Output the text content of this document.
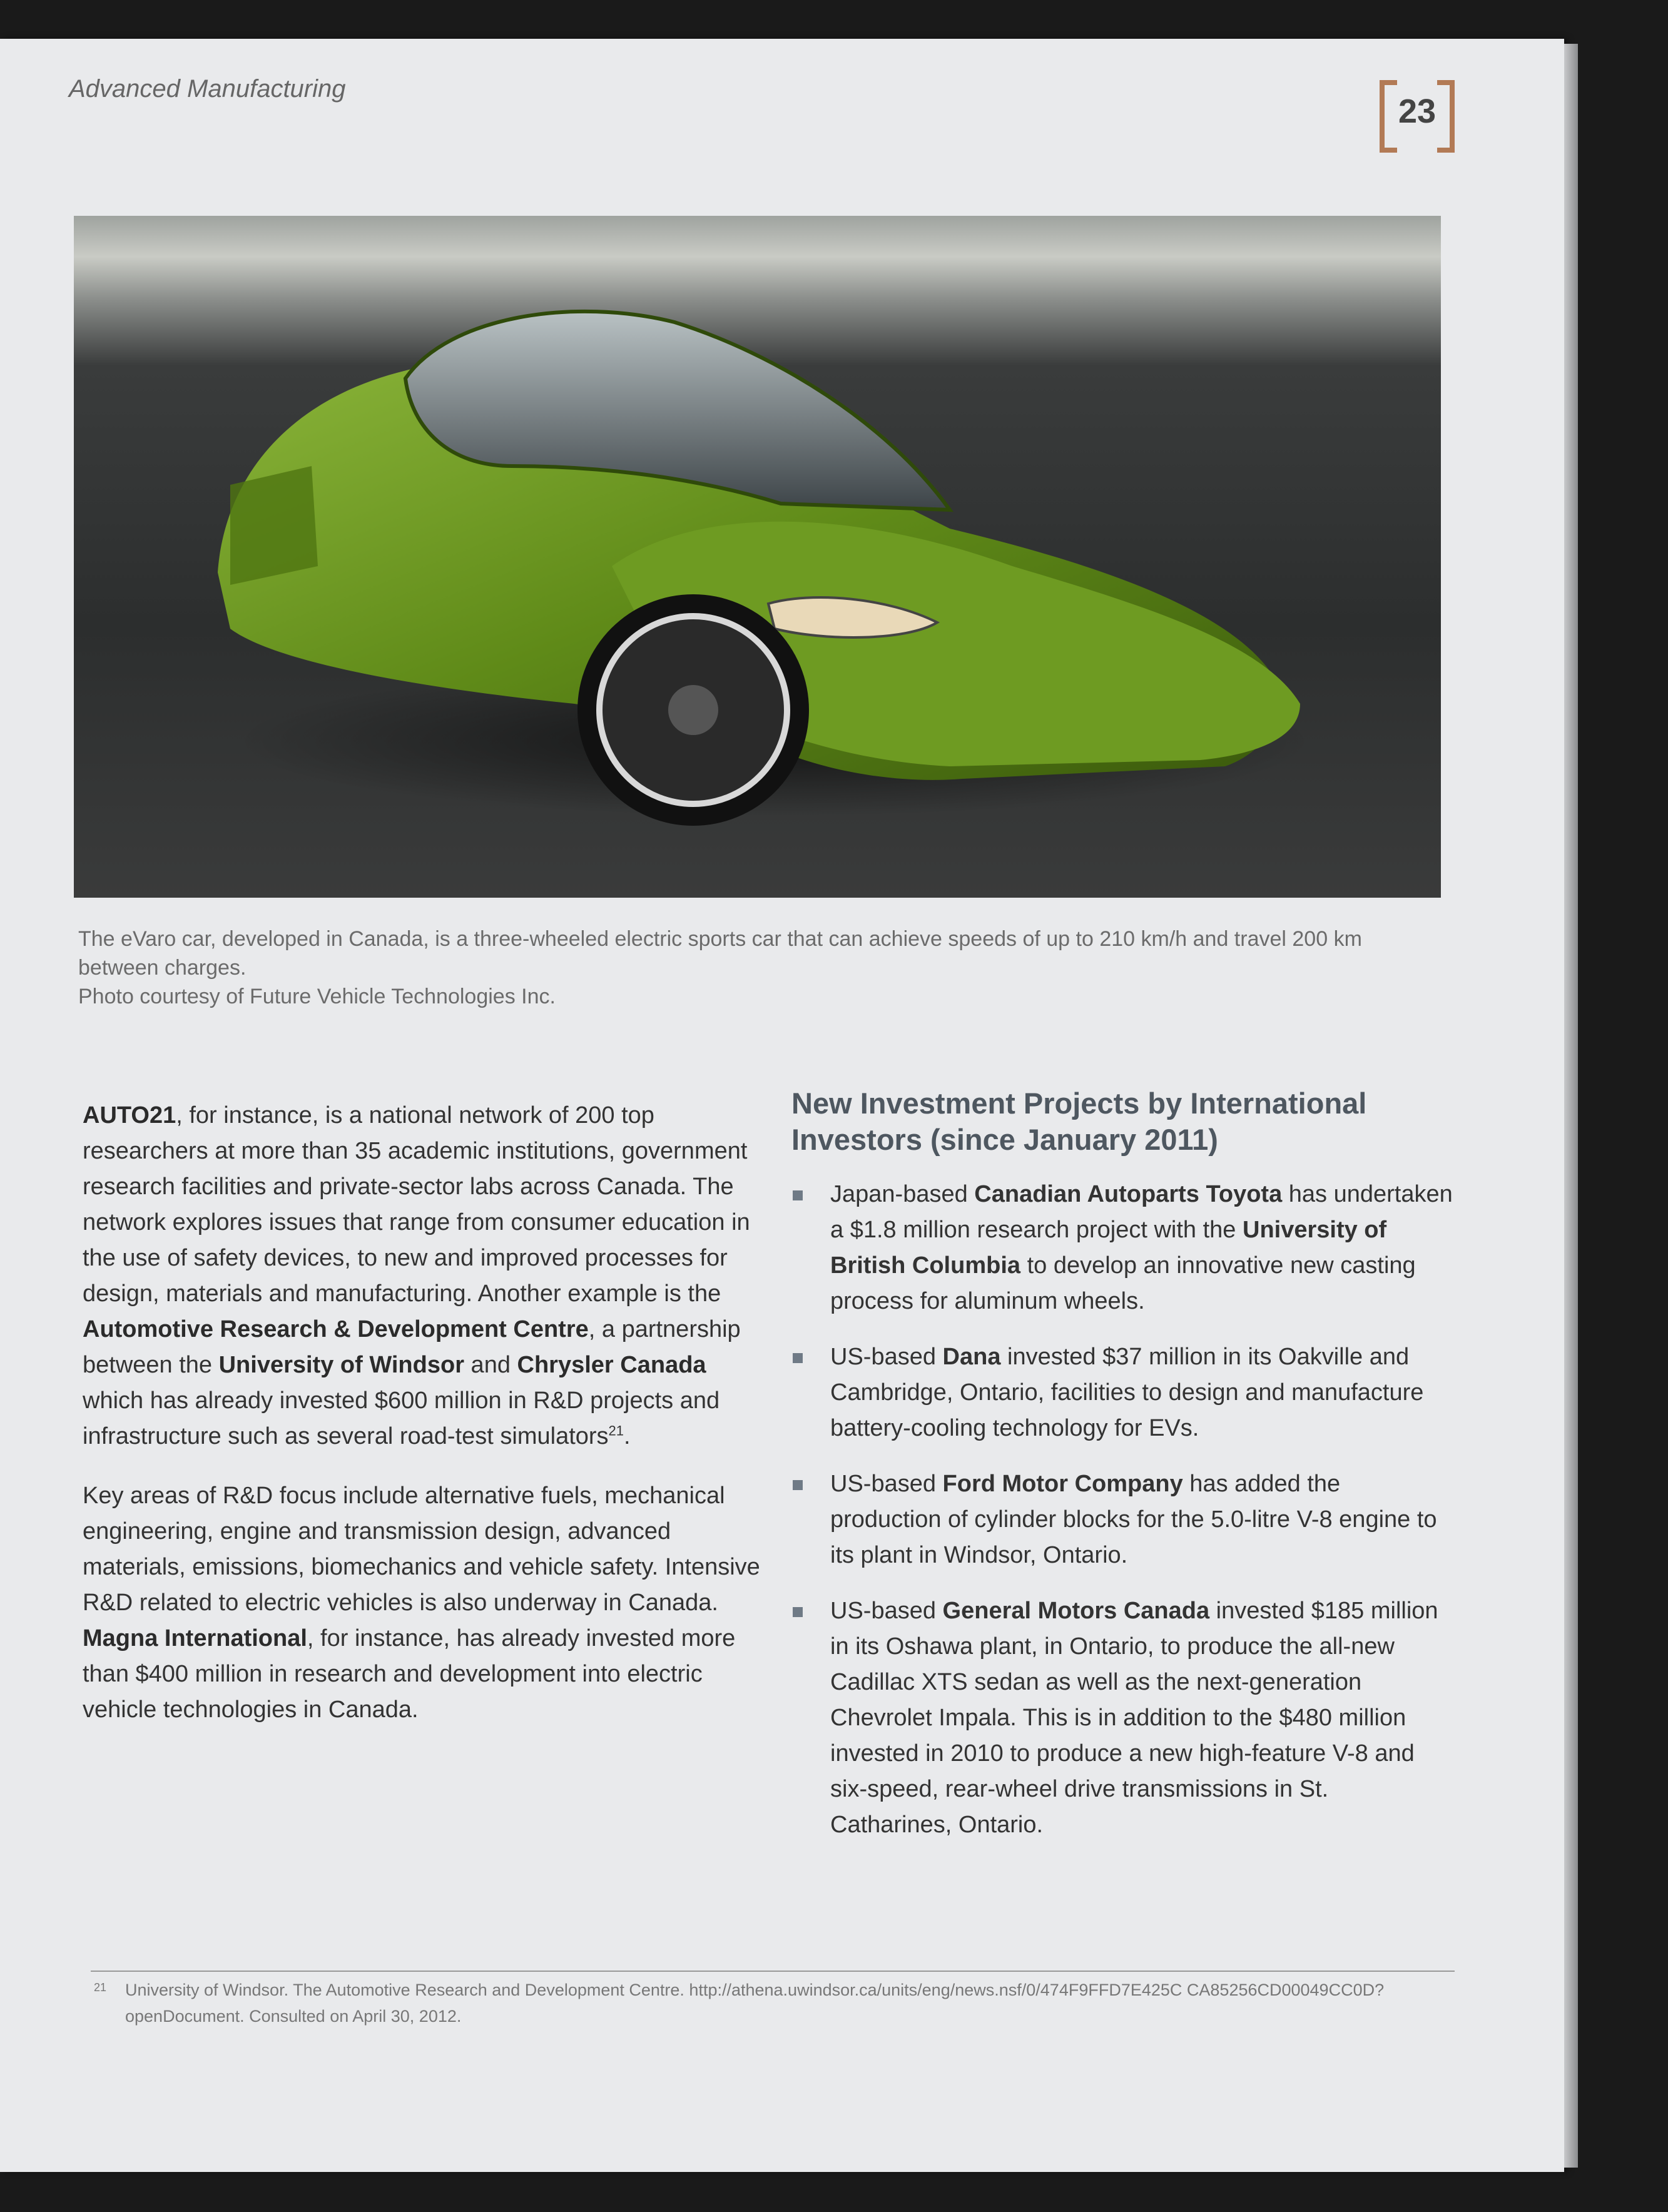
Advanced Manufacturing
23

The eVaro car, developed in Canada, is a three-wheeled electric sports car that can achieve speeds of up to 210 km/h and travel 200 km between charges.

Photo courtesy of Future Vehicle Technologies Inc.

AUTO21, for instance, is a national network of 200 top researchers at more than 35 academic institutions, government research facilities and private-sector labs across Canada. The network explores issues that range from consumer education in the use of safety devices, to new and improved processes for design, materials and manufacturing. Another example is the Automotive Research & Development Centre, a partnership between the University of Windsor and Chrysler Canada which has already invested $600 million in R&D projects and infrastructure such as several road-test simulators$^{21}$.

Key areas of R&D focus include alternative fuels, mechanical engineering, engine and transmission design, advanced materials, emissions, biomechanics and vehicle safety. Intensive R&D related to electric vehicles is also underway in Canada. Magna International, for instance, has already invested more than $400 million in research and development into electric vehicle technologies in Canada.

New Investment Projects by International Investors (since January 2011)
Japan-based Canadian Autoparts Toyota has undertaken a $1.8 million research project with the University of British Columbia to develop an innovative new casting process for aluminum wheels.
US-based Dana invested $37 million in its Oakville and Cambridge, Ontario, facilities to design and manufacture battery-cooling technology for EVs.
US-based Ford Motor Company has added the production of cylinder blocks for the 5.0-litre V-8 engine to its plant in Windsor, Ontario.
US-based General Motors Canada invested $185 million in its Oshawa plant, in Ontario, to produce the all-new Cadillac XTS sedan as well as the next-generation Chevrolet Impala. This is in addition to the $480 million invested in 2010 to produce a new high-feature V-8 and six-speed, rear-wheel drive transmissions in St. Catharines, Ontario.
21 University of Windsor. The Automotive Research and Development Centre. http://athena.uwindsor.ca/units/eng/news.nsf/0/474F9FFD7E425C CA85256CD00049CC0D?openDocument. Consulted on April 30, 2012.
